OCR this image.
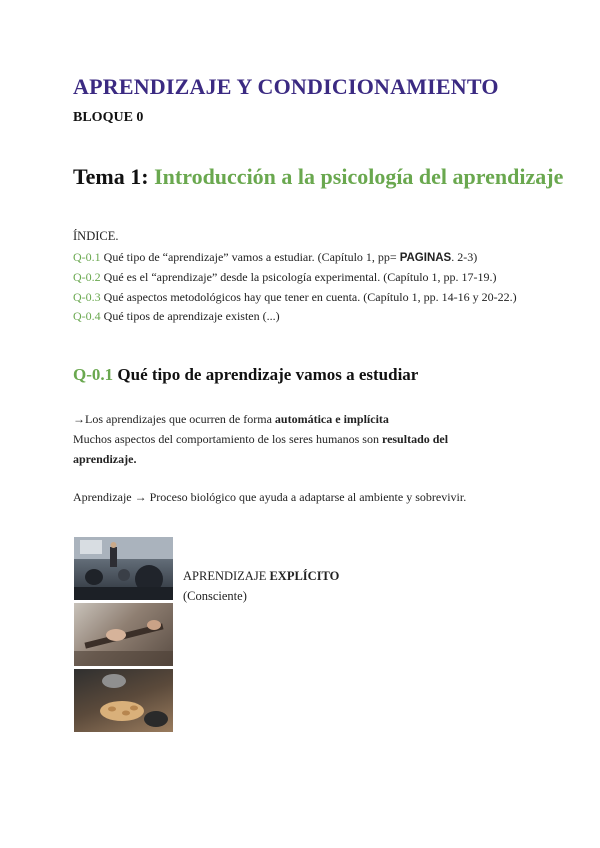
APRENDIZAJE Y CONDICIONAMIENTO
BLOQUE 0
Tema 1: Introducción a la psicología del aprendizaje
ÍNDICE.
Q-0.1 Qué tipo de “aprendizaje” vamos a estudiar. (Capítulo 1, pp= PAGINAS. 2-3)
Q-0.2 Qué es el “aprendizaje” desde la psicología experimental. (Capítulo 1, pp. 17-19.)
Q-0.3 Qué aspectos metodológicos hay que tener en cuenta. (Capítulo 1, pp. 14-16 y 20-22.)
Q-0.4 Qué tipos de aprendizaje existen (...)
Q-0.1 Qué tipo de aprendizaje vamos a estudiar
→Los aprendizajes que ocurren de forma automática e implícita
Muchos aspectos del comportamiento de los seres humanos son resultado del
aprendizaje.
Aprendizaje → Proceso biológico que ayuda a adaptarse al ambiente y sobrevivir.
APRENDIZAJE EXPLÍCITO
(Consciente)
